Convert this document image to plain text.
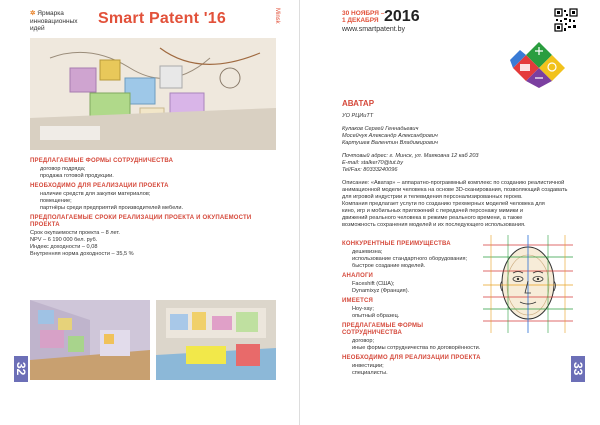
✲ Ярмарка
инновационных
идей
Smart Patent '16	Minsk
ПРЕДЛАГАЕМЫЕ ФОРМЫ СОТРУДНИЧЕСТВА
договор подряда;
продажа готовой продукции.
НЕОБХОДИМО ДЛЯ РЕАЛИЗАЦИИ ПРОЕКТА
наличие средств для закупки материалов;
помещение;
партнёры среди предприятий производителей мебели.
ПРЕДПОЛАГАЕМЫЕ СРОКИ РЕАЛИЗАЦИИ ПРОЕКТА И ОКУПАЕМОСТИ ПРОЕКТА
Срок окупаемости проекта – 8 лет.
NPV – 6 190 000 бел. руб.
Индекс доходности – 0,08
Внутренняя норма доходности – 35,5 %
32
30 НОЯБРЯ –
1 ДЕКАБРЯ 2016
www.smartpatent.by
АВАТАР
УО РЦИиТТ
Кулаков Сергей Геннадьевич
Мосейчук Александр Александрович
Картушев Валентин Владимирович
Почтовый адрес: г. Минск, ул. Маяковна 12 каб 203
E-mail: stalker70@tut.by
Tel/Fax: 80333240096
Описание: «Аватар» – аппаратно-программный комплекс по созданию реалистичной
анимационной модели человека на основе 3D-сканирования, позволяющий создавать
для игровой индустрии и телевидения персонализированных героев.
Компания предлагает услуги по созданию трехмерных моделей человека для
кино, игр и мобильных приложений с передачей персонажу мимики и
движений реального человека в режиме реального времени, а также
возможность сохранения моделей и их последующего использования.
КОНКУРЕНТНЫЕ ПРЕИМУЩЕСТВА
дешевизна;
использование стандартного оборудования;
быстрое создание моделей.
АНАЛОГИ
Faceshift (США);
Dynamixyz (Франция).
ИМЕЕТСЯ
Ноу-хау;
опытный образец.
ПРЕДЛАГАЕМЫЕ ФОРМЫ СОТРУДНИЧЕСТВА
договор;
иные формы сотрудничества по договорённости.
НЕОБХОДИМО ДЛЯ РЕАЛИЗАЦИИ ПРОЕКТА
инвестиции;
специалисты.	33
